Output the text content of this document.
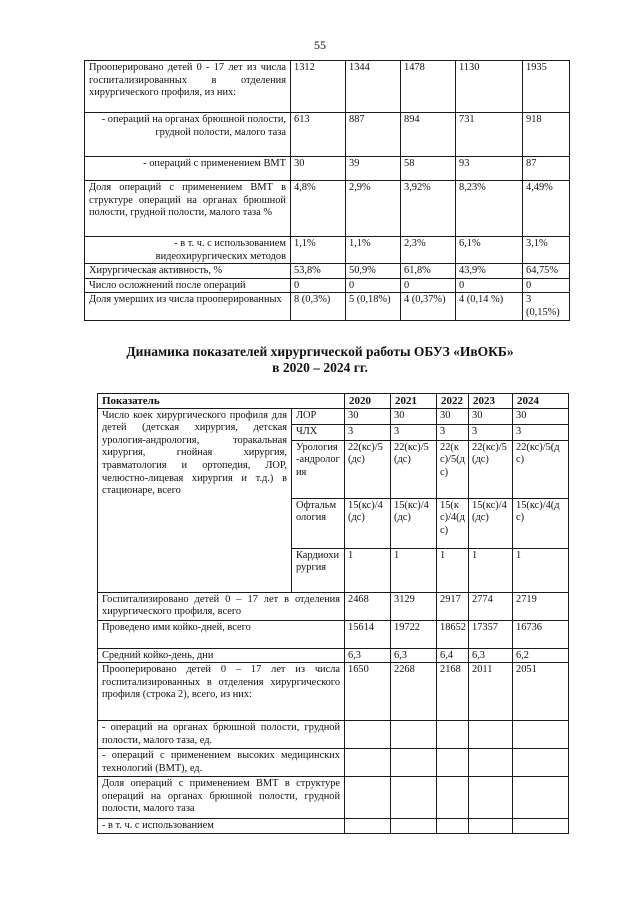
55
Прооперировано детей 0 - 17 лет из числа госпитализированных в отделения хирургического профиля, из них:	1312	1344	1478	1130	1935
- операций на органах брюшной полости, грудной полости, малого таза	613	887	894	731	918
- операций с применением ВМТ	30	39	58	93	87
Доля операций с применением ВМТ в структуре операций на органах брюшной полости, грудной полости, малого таза %	4,8%	2,9%	3,92%	8,23%	4,49%
- в т. ч. с использованием видеохирургических методов	1,1%	1,1%	2,3%	6,1%	3,1%
Хирургическая активность, %	53,8%	50,9%	61,8%	43,9%	64,75%
Число осложнений после операций	0	0	0	0	0
Доля умерших из числа прооперированных	8 (0,3%)	5 (0,18%)	4 (0,37%)	4 (0,14 %)	3 (0,15%)
Динамика показателей хирургической работы ОБУЗ «ИвОКБ»
в 2020 – 2024 гг.
Показатель		2020	2021	2022	2023	2024
Число коек хирургического профиля для детей (детская хирургия, детская урология-андрология, торакальная хирургия, гнойная хирургия, травматология и ортопедия, ЛОР, челюстно-лицевая хирургия и т.д.) в стационаре, всего	ЛОР	30	30	30	30	30
	ЧЛХ	3	3	3	3	3
	Урология-андрология	22(кс)/5(дс)	22(кс)/5(дс)	22(кс)/5(дс)	22(кс)/5(дс)	22(кс)/5(дс)
	Офтальмология	15(кс)/4(дс)	15(кс)/4(дс)	15(кс)/4(дс)	15(кс)/4(дс)	15(кс)/4(дс)
	Кардиохирургия	1	1	1	1	1
Госпитализировано детей 0 – 17 лет в отделения хирургического профиля, всего		2468	3129	2917	2774	2719
Проведено ими койко-дней, всего		15614	19722	18652	17357	16736
Средний койко-день, дни		6,3	6,3	6,4	6,3	6,2
Прооперировано детей 0 – 17 лет из числа госпитализированных в отделения хирургического профиля (строка 2), всего, из них:		1650	2268	2168	2011	2051
- операций на органах брюшной полости, грудной полости, малого таза, ед.						
- операций с применением высоких медицинских технологий (ВМТ), ед.						
Доля операций с применением ВМТ в структуре операций на органах брюшной полости, грудной полости, малого таза						
- в т. ч. с использованием						
